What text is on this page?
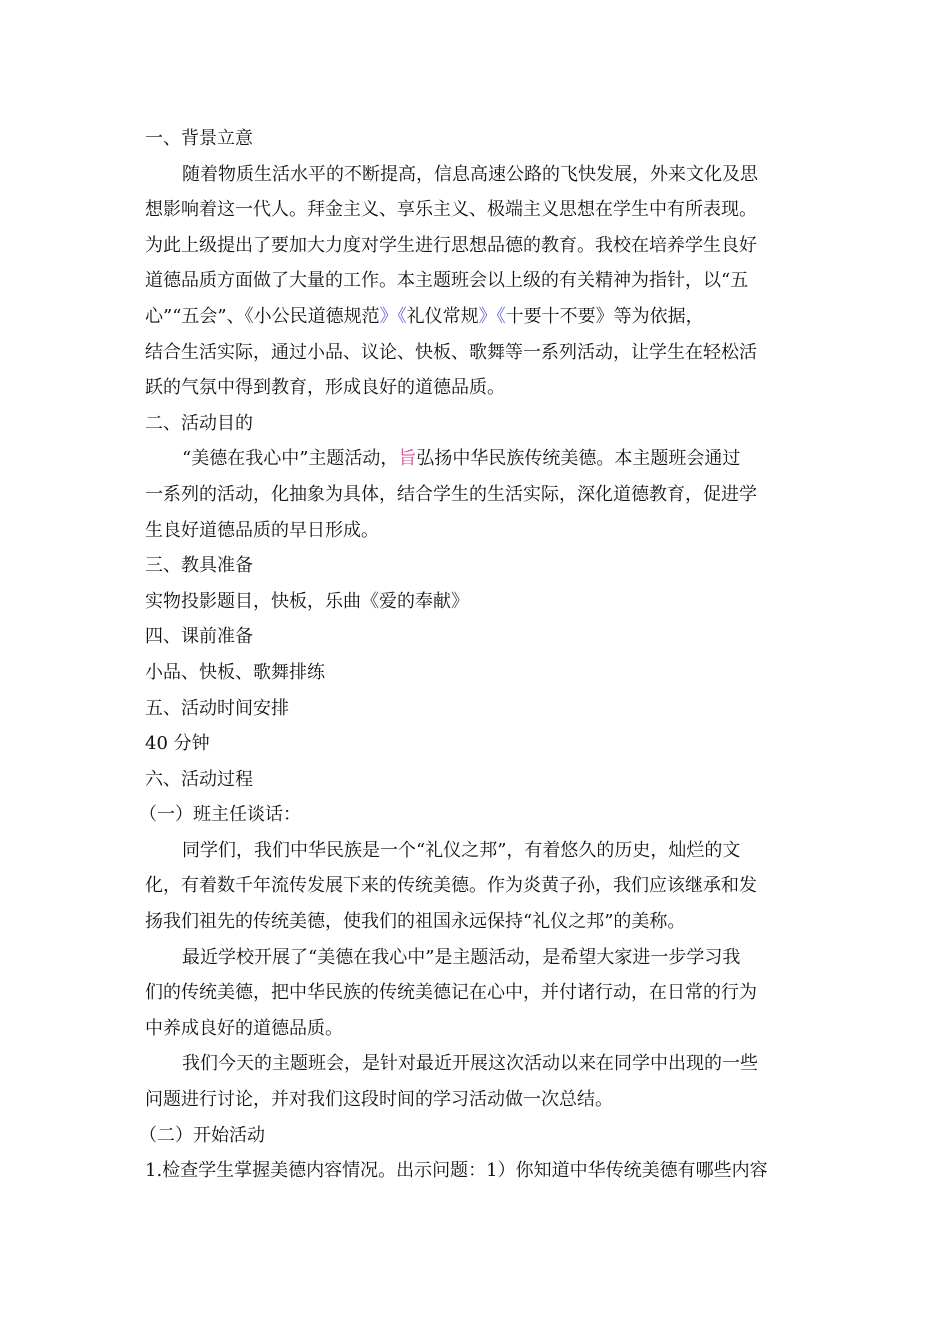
一、背景立意
随着物质生活水平的不断提高，信息高速公路的飞快发展，外来文化及思
想影响着这一代人。拜金主义、享乐主义、极端主义思想在学生中有所表现。
为此上级提出了要加大力度对学生进行思想品德的教育。我校在培养学生良好
道德品质方面做了大量的工作。本主题班会以上级的有关精神为指针，以“五
心”“五会”、《小公民道德规范》《礼仪常规》《十要十不要》等为依据，
结合生活实际，通过小品、议论、快板、歌舞等一系列活动，让学生在轻松活
跃的气氛中得到教育，形成良好的道德品质。
二、活动目的
“美德在我心中”主题活动，旨弘扬中华民族传统美德。本主题班会通过
一系列的活动，化抽象为具体，结合学生的生活实际，深化道德教育，促进学
生良好道德品质的早日形成。
三、教具准备
实物投影题目，快板，乐曲《爱的奉献》
四、课前准备
小品、快板、歌舞排练
五、活动时间安排
40 分钟
六、活动过程
（一）班主任谈话：
同学们，我们中华民族是一个“礼仪之邦”，有着悠久的历史，灿烂的文
化，有着数千年流传发展下来的传统美德。作为炎黄子孙，我们应该继承和发
扬我们祖先的传统美德，使我们的祖国永远保持“礼仪之邦”的美称。
最近学校开展了“美德在我心中”是主题活动，是希望大家进一步学习我
们的传统美德，把中华民族的传统美德记在心中，并付诸行动，在日常的行为
中养成良好的道德品质。
我们今天的主题班会，是针对最近开展这次活动以来在同学中出现的一些
问题进行讨论，并对我们这段时间的学习活动做一次总结。
（二）开始活动
1.检查学生掌握美德内容情况。出示问题：1）你知道中华传统美德有哪些内容
